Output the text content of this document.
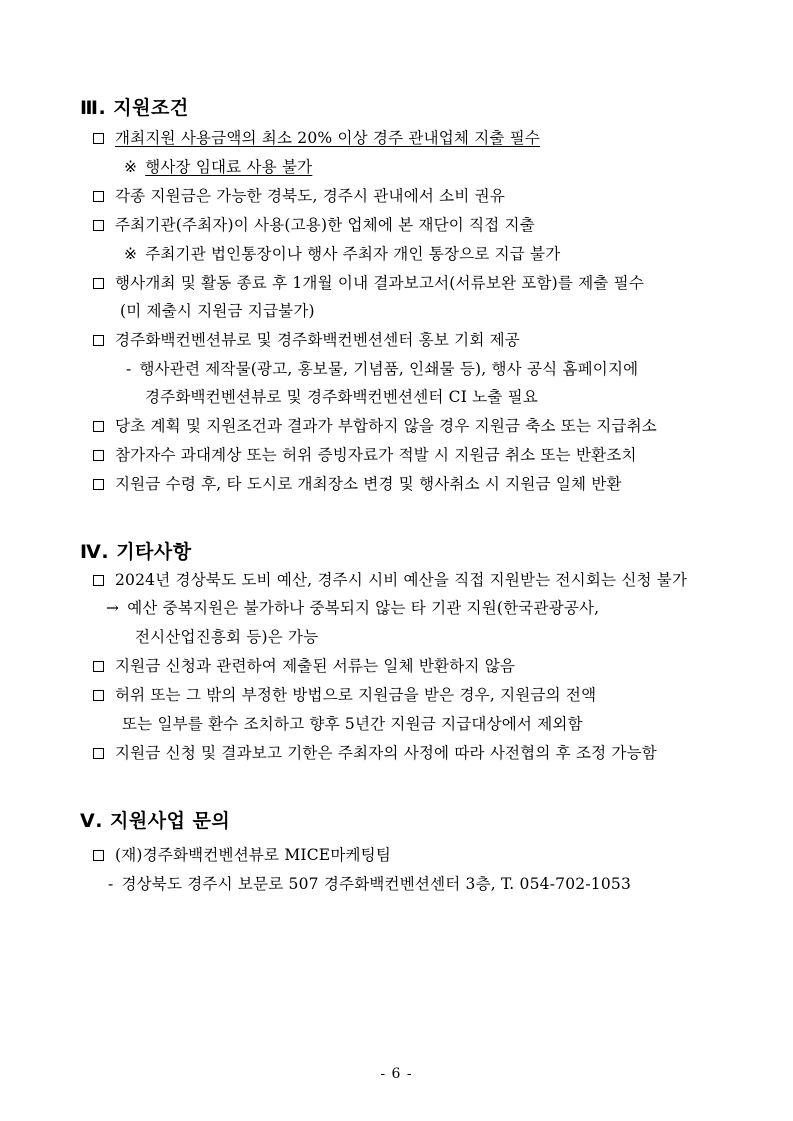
Ⅲ. 지원조건
개최지원 사용금액의 최소 20% 이상 경주 관내업체 지출 필수
※ 행사장 임대료 사용 불가
각종 지원금은 가능한 경북도, 경주시 관내에서 소비 권유
주최기관(주최자)이 사용(고용)한 업체에 본 재단이 직접 지출
※ 주최기관 법인통장이나 행사 주최자 개인 통장으로 지급 불가
행사개최 및 활동 종료 후 1개월 이내 결과보고서(서류보완 포함)를 제출 필수
(미 제출시 지원금 지급불가)
경주화백컨벤션뷰로 및 경주화백컨벤션센터 홍보 기회 제공
- 행사관련 제작물(광고, 홍보물, 기념품, 인쇄물 등), 행사 공식 홈페이지에
경주화백컨벤션뷰로 및 경주화백컨벤션센터 CI 노출 필요
당초 계획 및 지원조건과 결과가 부합하지 않을 경우 지원금 축소 또는 지급취소
참가자수 과대계상 또는 허위 증빙자료가 적발 시 지원금 취소 또는 반환조치
지원금 수령 후, 타 도시로 개최장소 변경 및 행사취소 시 지원금 일체 반환
Ⅳ. 기타사항
2024년 경상북도 도비 예산, 경주시 시비 예산을 직접 지원받는 전시회는 신청 불가
→ 예산 중복지원은 불가하나 중복되지 않는 타 기관 지원(한국관광공사,
전시산업진흥회 등)은 가능
지원금 신청과 관련하여 제출된 서류는 일체 반환하지 않음
허위 또는 그 밖의 부정한 방법으로 지원금을 받은 경우, 지원금의 전액
또는 일부를 환수 조치하고 향후 5년간 지원금 지급대상에서 제외함
지원금 신청 및 결과보고 기한은 주최자의 사정에 따라 사전협의 후 조정 가능함
Ⅴ. 지원사업 문의
(재)경주화백컨벤션뷰로 MICE마케팅팀
- 경상북도 경주시 보문로 507 경주화백컨벤션센터 3층, T. 054-702-1053
- 6 -
